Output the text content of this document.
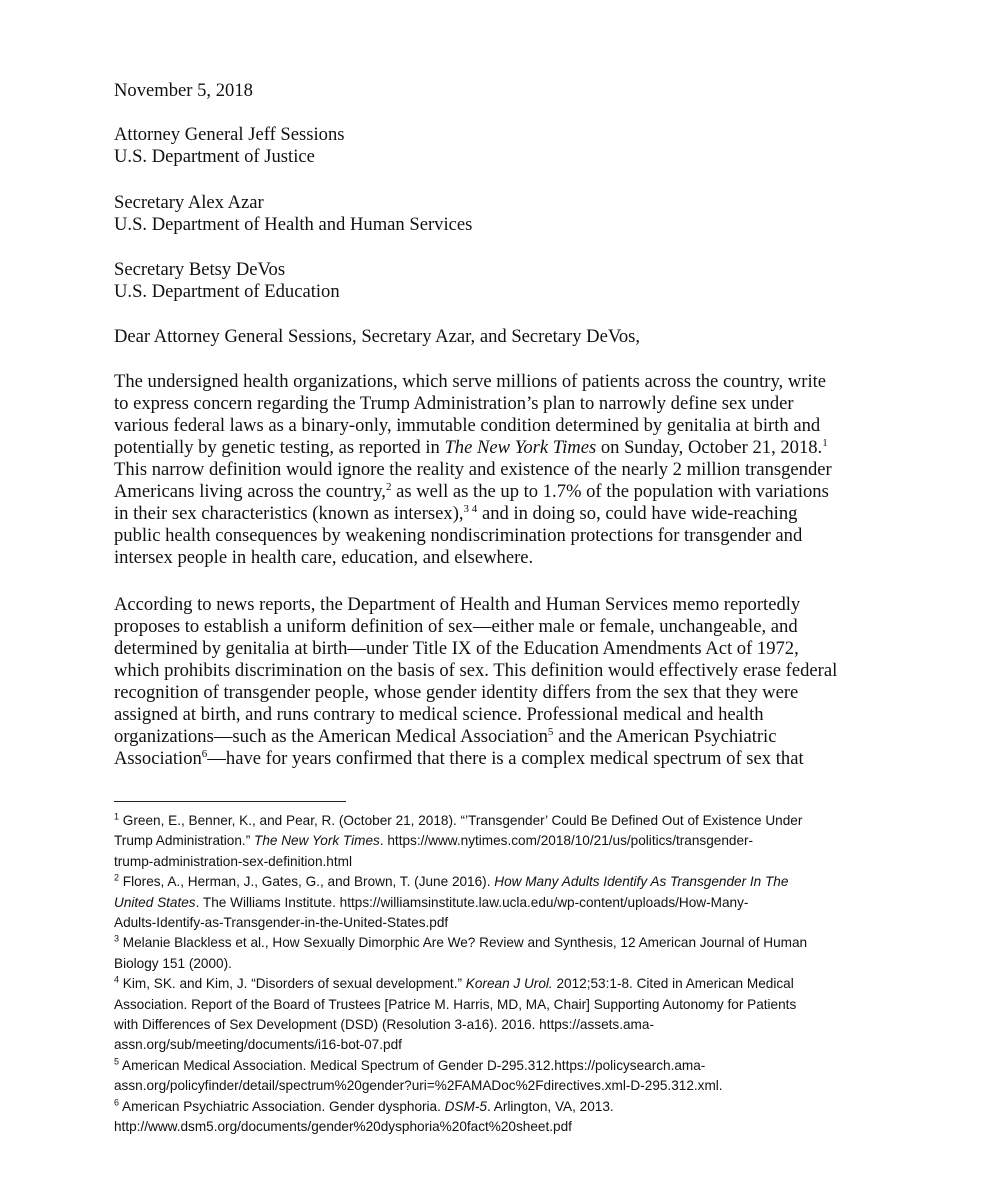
November 5, 2018

Attorney General Jeff Sessions

U.S. Department of Justice

Secretary Alex Azar

U.S. Department of Health and Human Services

Secretary Betsy DeVos

U.S. Department of Education

Dear Attorney General Sessions, Secretary Azar, and Secretary DeVos,

The undersigned health organizations, which serve millions of patients across the country, write
to express concern regarding the Trump Administration’s plan to narrowly define sex under
various federal laws as a binary-only, immutable condition determined by genitalia at birth and
potentially by genetic testing, as reported in The New York Times on Sunday, October 21, 2018.$^1$
This narrow definition would ignore the reality and existence of the nearly 2 million transgender
Americans living across the country,$^2$ as well as the up to 1.7% of the population with variations
in their sex characteristics (known as intersex),$^{3 4}$ and in doing so, could have wide-reaching
public health consequences by weakening nondiscrimination protections for transgender and
intersex people in health care, education, and elsewhere.
According to news reports, the Department of Health and Human Services memo reportedly
proposes to establish a uniform definition of sex—either male or female, unchangeable, and
determined by genitalia at birth—under Title IX of the Education Amendments Act of 1972,
which prohibits discrimination on the basis of sex. This definition would effectively erase federal
recognition of transgender people, whose gender identity differs from the sex that they were
assigned at birth, and runs contrary to medical science. Professional medical and health
organizations—such as the American Medical Association$^5$ and the American Psychiatric
Association$^6$—have for years confirmed that there is a complex medical spectrum of sex that
$^1$ Green, E., Benner, K., and Pear, R. (October 21, 2018). “’Transgender’ Could Be Defined Out of Existence Under
Trump Administration.” The New York Times. https://www.nytimes.com/2018/10/21/us/politics/transgender-
trump-administration-sex-definition.html
$^2$ Flores, A., Herman, J., Gates, G., and Brown, T. (June 2016). How Many Adults Identify As Transgender In The
United States. The Williams Institute. https://williamsinstitute.law.ucla.edu/wp-content/uploads/How-Many-
Adults-Identify-as-Transgender-in-the-United-States.pdf
$^3$ Melanie Blackless et al., How Sexually Dimorphic Are We? Review and Synthesis, 12 American Journal of Human
Biology 151 (2000).
$^4$ Kim, SK. and Kim, J. “Disorders of sexual development.” Korean J Urol. 2012;53:1-8. Cited in American Medical
Association. Report of the Board of Trustees [Patrice M. Harris, MD, MA, Chair] Supporting Autonomy for Patients
with Differences of Sex Development (DSD) (Resolution 3-a16). 2016. https://assets.ama-
assn.org/sub/meeting/documents/i16-bot-07.pdf
$^5$ American Medical Association. Medical Spectrum of Gender D-295.312.https://policysearch.ama-
assn.org/policyfinder/detail/spectrum%20gender?uri=%2FAMADoc%2Fdirectives.xml-D-295.312.xml.
$^6$ American Psychiatric Association. Gender dysphoria. DSM-5. Arlington, VA, 2013.
http://www.dsm5.org/documents/gender%20dysphoria%20fact%20sheet.pdf
